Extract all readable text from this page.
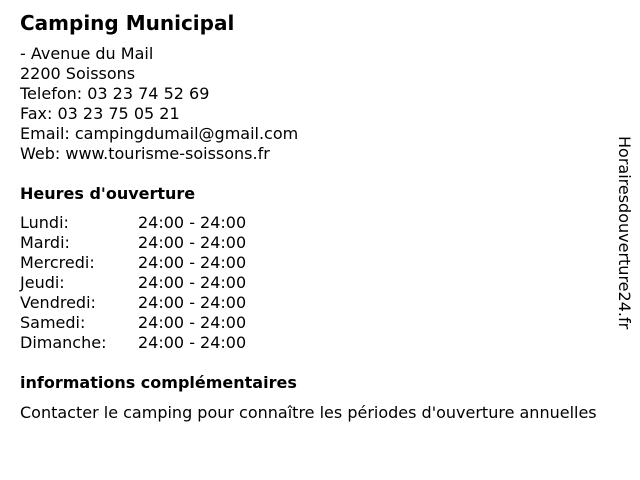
Camping Municipal
- Avenue du Mail
2200 Soissons
Telefon: 03 23 74 52 69
Fax: 03 23 75 05 21
Email: campingdumail@gmail.com
Web: www.tourisme-soissons.fr
Heures d'ouverture
Lundi:	24:00 - 24:00
Mardi:	24:00 - 24:00
Mercredi:	24:00 - 24:00
Jeudi:	24:00 - 24:00
Vendredi:	24:00 - 24:00
Samedi:	24:00 - 24:00
Dimanche:	24:00 - 24:00
informations complémentaires
Contacter le camping pour connaître les périodes d'ouverture annuelles
Horairesdouverture24.fr
